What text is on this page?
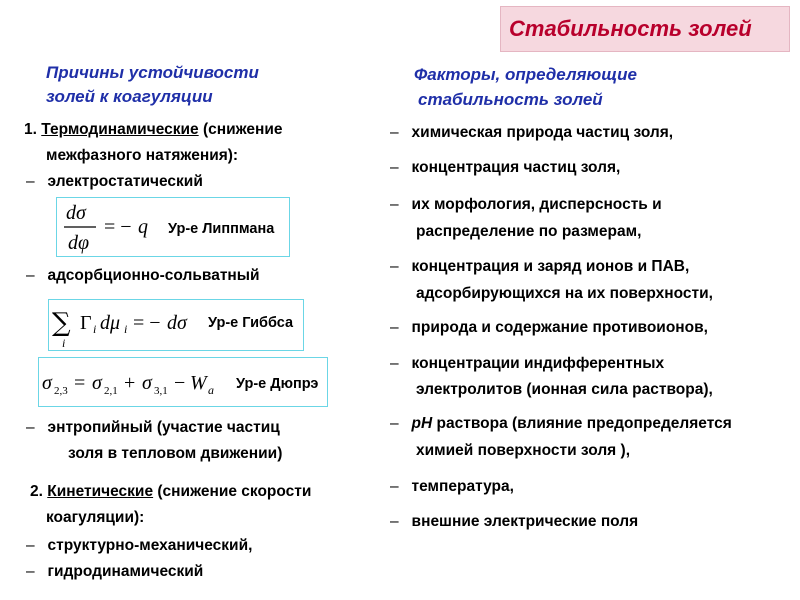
Стабильность золей
Причины устойчивости
золей к коагуляции
1. Термодинамические (снижение
межфазного натяжения):
– электростатический
dσ
dφ
= − q Ур-е Липпмана
– адсорбционно-сольватный
∑
i
Γ i dμ i = − dσ Ур-е Гиббса
σ 2,3 = σ 2,1 + σ 3,1 − W a Ур-е Дюпрэ
– энтропийный (участие частиц
золя в тепловом движении)
2. Кинетические (снижение скорости
коагуляции):
– структурно-механический,
– гидродинамический
Факторы, определяющие
стабильность золей
– химическая природа частиц золя,
– концентрация частиц золя,
– их морфология, дисперсность и
распределение по размерам,
– концентрация и заряд ионов и ПАВ,
адсорбирующихся на их поверхности,
– природа и содержание противоионов,
– концентрации индифферентных
электролитов (ионная сила раствора),
– pH раствора (влияние предопределяется
химией поверхности золя ),
– температура,
– внешние электрические поля
